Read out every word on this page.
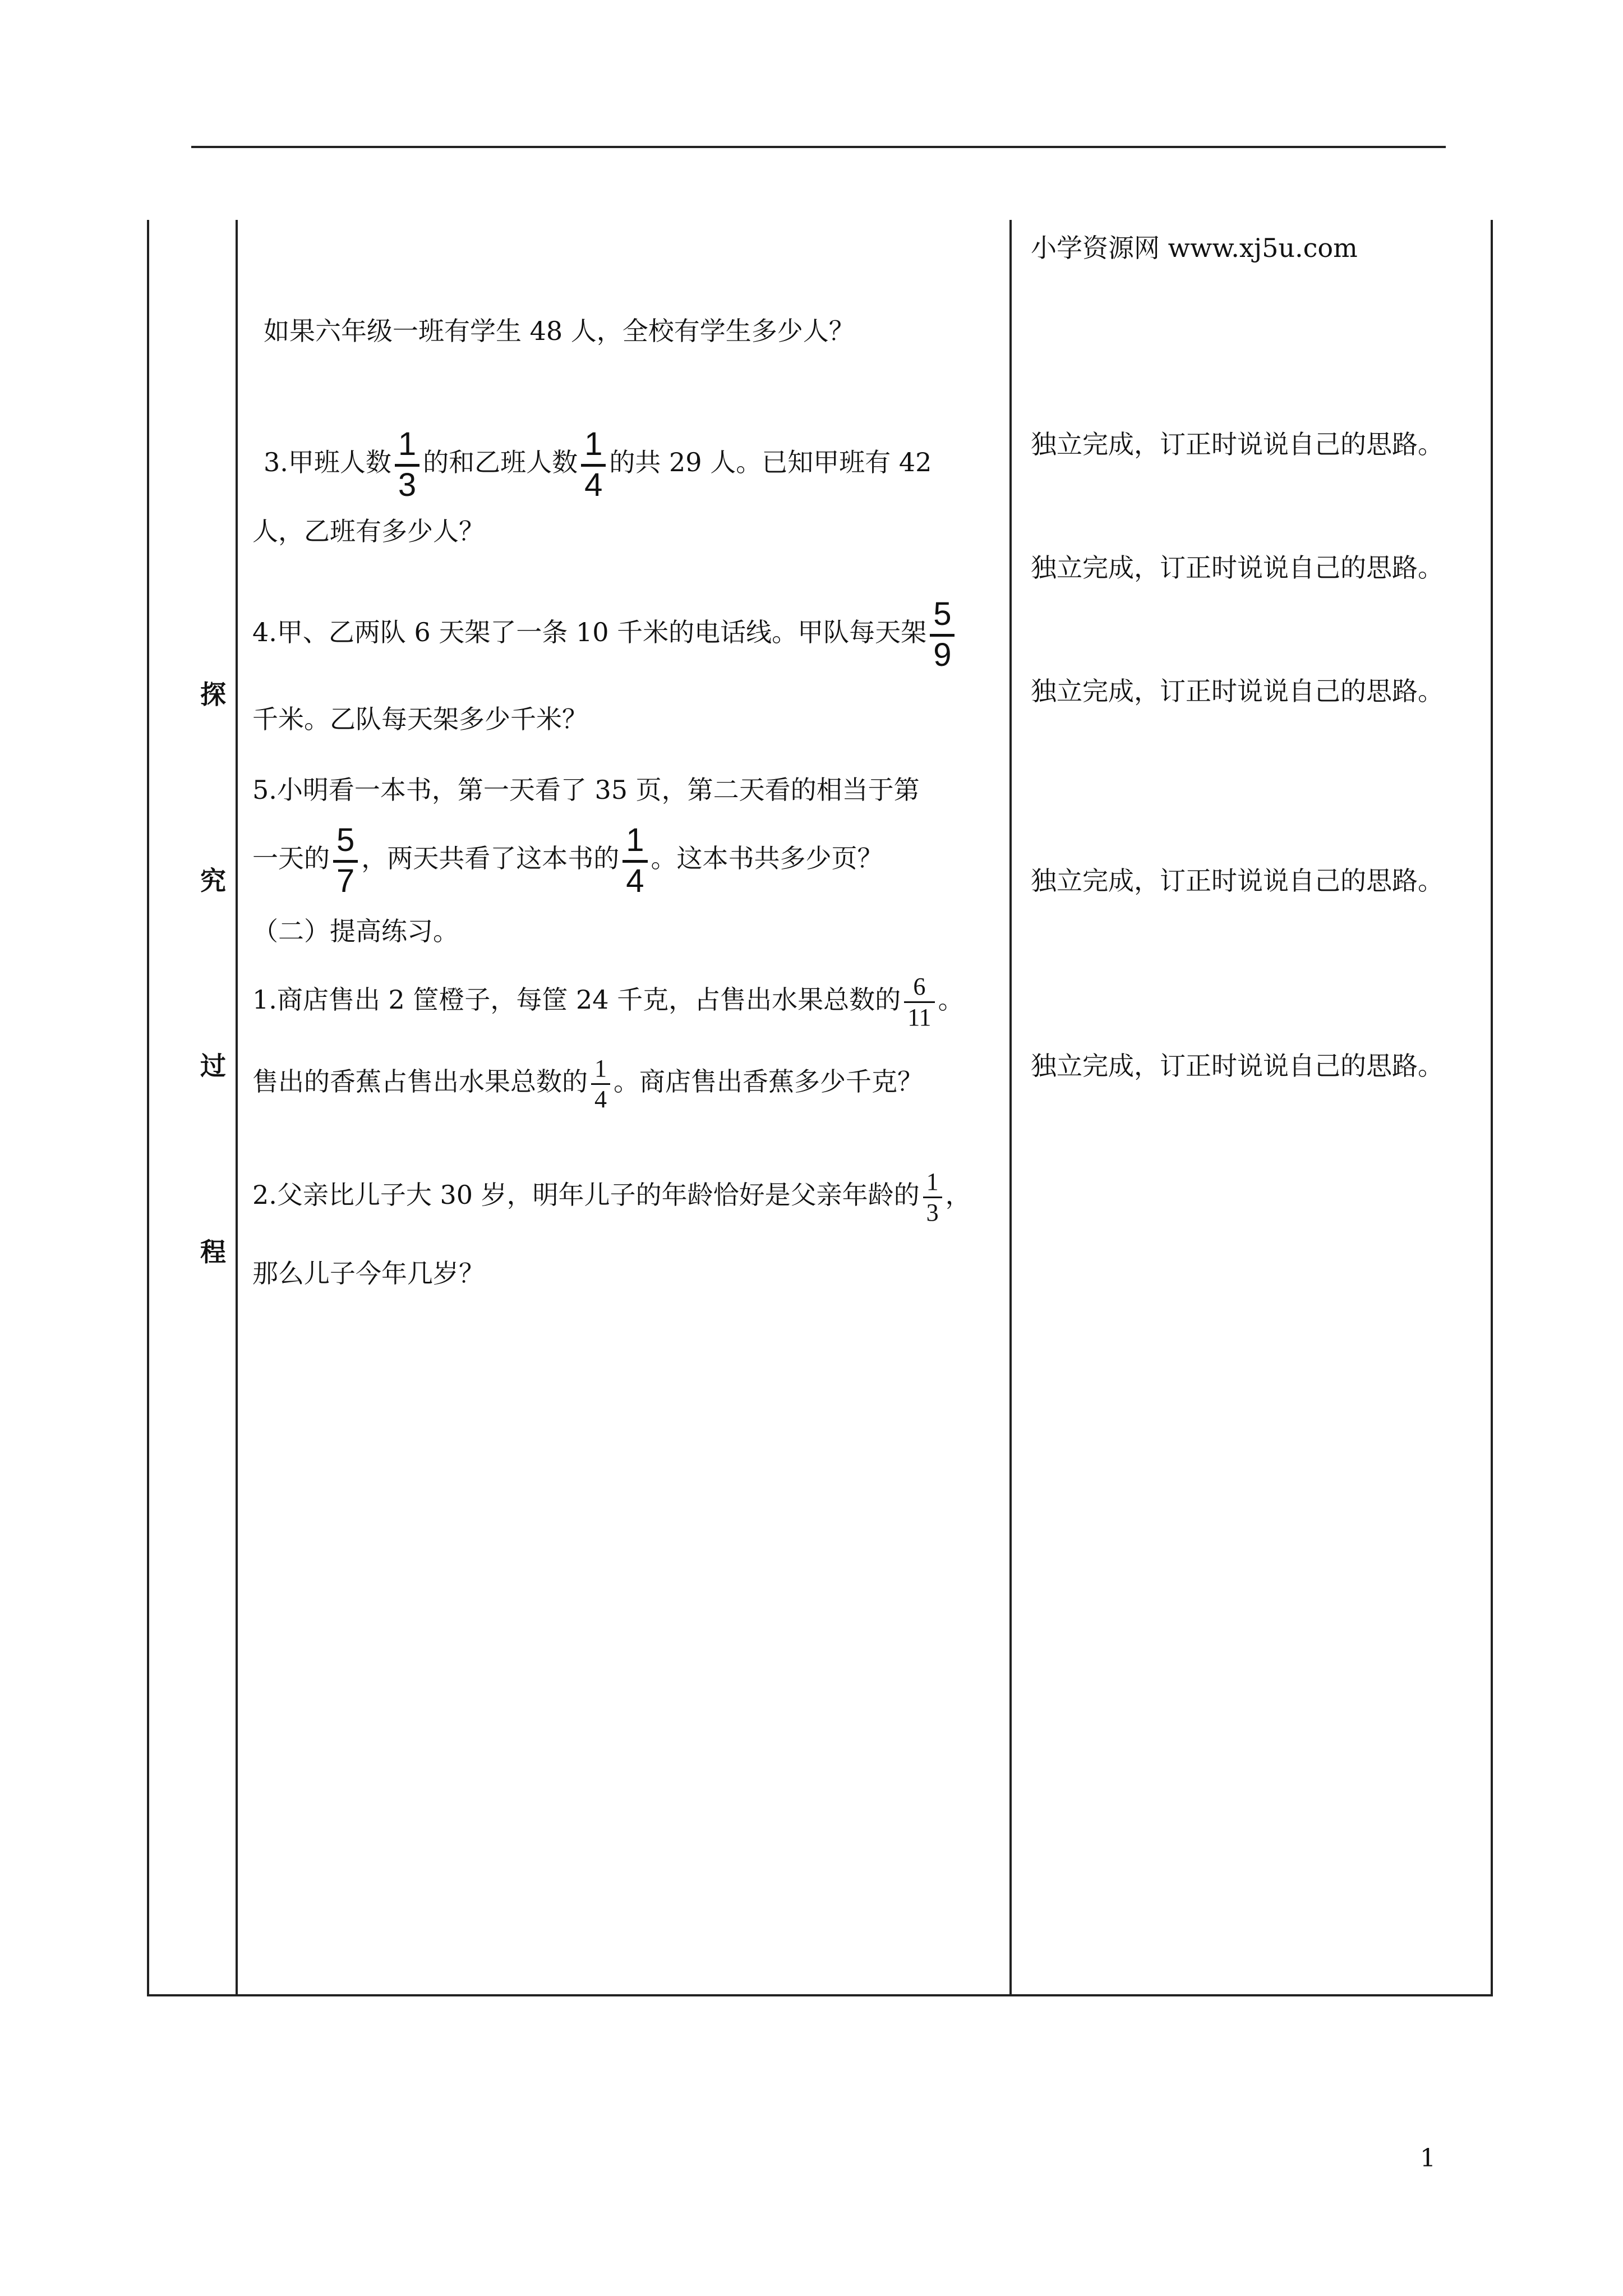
探
究
过
程
如果六年级一班有学生 48 人，全校有学生多少人？
3.甲班人数 $\frac{1}{3}$ 的和乙班人数 $\frac{1}{4}$ 的共 29 人。已知甲班有 42
人，乙班有多少人？
4.甲、乙两队 6 天架了一条 10 千米的电话线。甲队每天架 $\frac{5}{9}$
千米。乙队每天架多少千米？
5.小明看一本书，第一天看了 35 页，第二天看的相当于第
一天的 $\frac{5}{7}$ ，两天共看了这本书的 $\frac{1}{4}$ 。这本书共多少页？
（二）提高练习。
1.商店售出 2 筐橙子，每筐 24 千克，占售出水果总数的 $\frac{6}{11}$ 。
售出的香蕉占售出水果总数的 $\frac{1}{4}$ 。商店售出香蕉多少千克？
2.父亲比儿子大 30 岁，明年儿子的年龄恰好是父亲年龄的 $\frac{1}{3}$ ，
那么儿子今年几岁？
小学资源网 www.xj5u.com
独立完成，订正时说说自己的思路。
独立完成，订正时说说自己的思路。
独立完成，订正时说说自己的思路。
独立完成，订正时说说自己的思路。
独立完成，订正时说说自己的思路。
1
